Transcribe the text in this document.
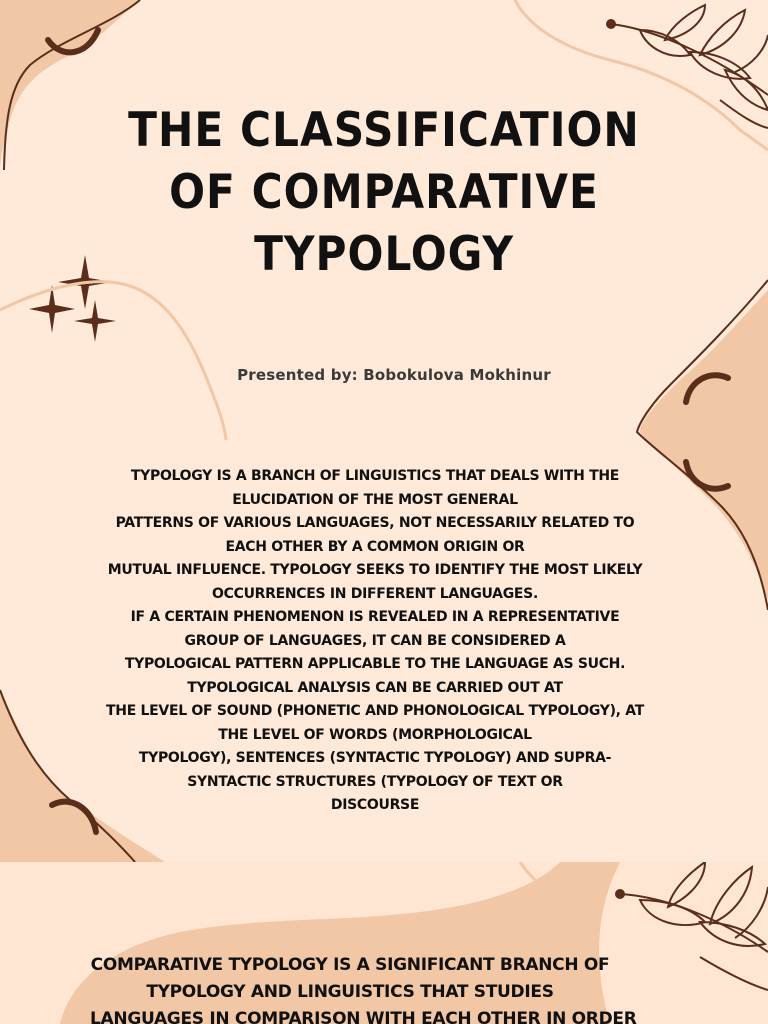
THE CLASSIFICATION
OF COMPARATIVE
TYPOLOGY
Presented by: Bobokulova Mokhinur
TYPOLOGY IS A BRANCH OF LINGUISTICS THAT DEALS WITH THE
ELUCIDATION OF THE MOST GENERAL
PATTERNS OF VARIOUS LANGUAGES, NOT NECESSARILY RELATED TO
EACH OTHER BY A COMMON ORIGIN OR
MUTUAL INFLUENCE. TYPOLOGY SEEKS TO IDENTIFY THE MOST LIKELY
OCCURRENCES IN DIFFERENT LANGUAGES.
IF A CERTAIN PHENOMENON IS REVEALED IN A REPRESENTATIVE
GROUP OF LANGUAGES, IT CAN BE CONSIDERED A
TYPOLOGICAL PATTERN APPLICABLE TO THE LANGUAGE AS SUCH.
TYPOLOGICAL ANALYSIS CAN BE CARRIED OUT AT
THE LEVEL OF SOUND (PHONETIC AND PHONOLOGICAL TYPOLOGY), AT
THE LEVEL OF WORDS (MORPHOLOGICAL
TYPOLOGY), SENTENCES (SYNTACTIC TYPOLOGY) AND SUPRA-
SYNTACTIC STRUCTURES (TYPOLOGY OF TEXT OR
DISCOURSE
COMPARATIVE TYPOLOGY IS A SIGNIFICANT BRANCH OF
TYPOLOGY AND LINGUISTICS THAT STUDIES
LANGUAGES IN COMPARISON WITH EACH OTHER IN ORDER
